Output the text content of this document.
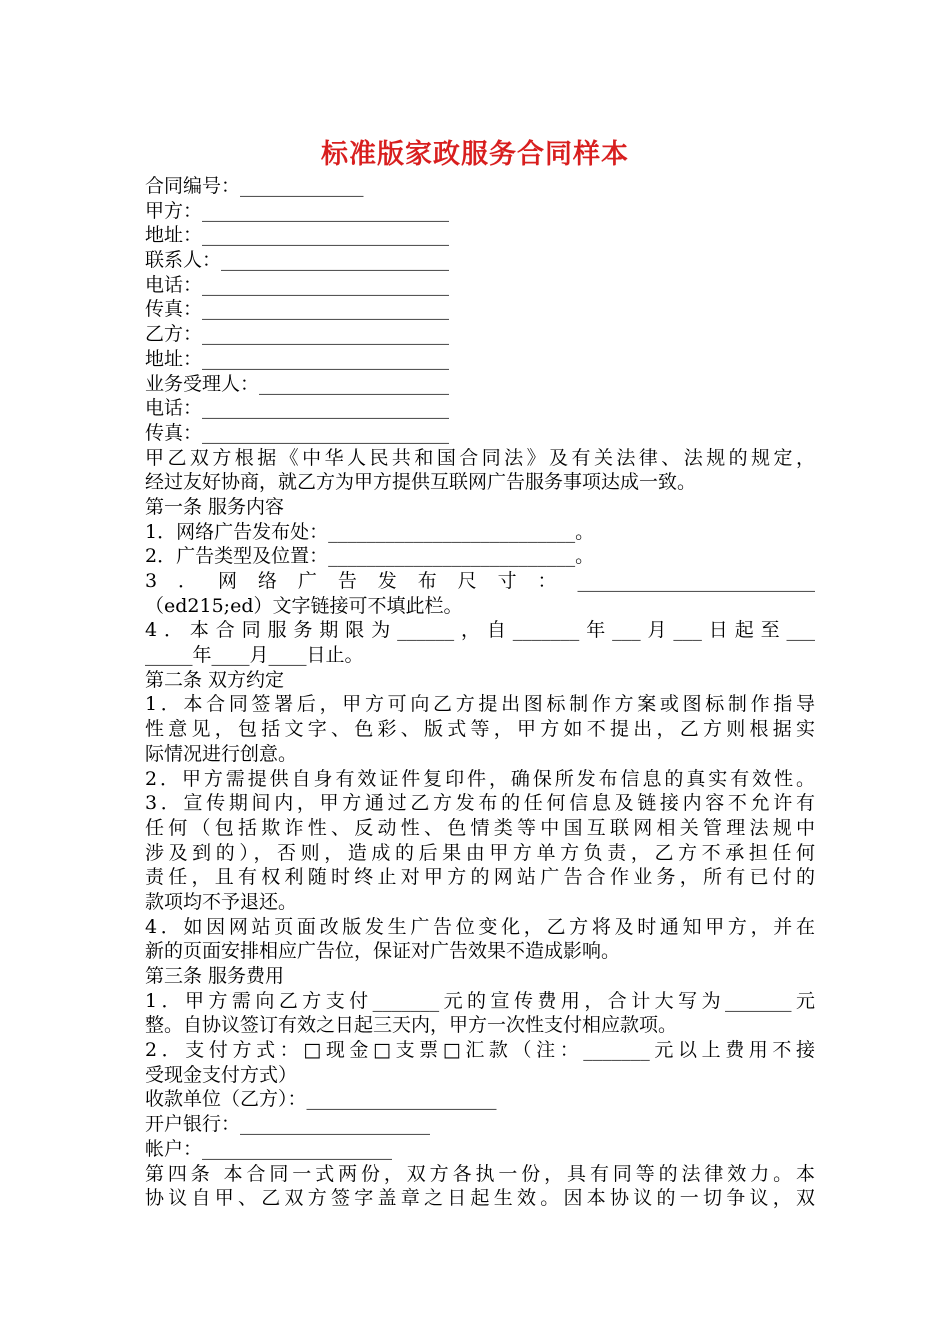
标准版家政服务合同样本
合同编号：_____________
甲方：__________________________
地址：__________________________
联系人：________________________
电话：__________________________
传真：__________________________
乙方：__________________________
地址：__________________________
业务受理人：____________________
电话：__________________________
传真：__________________________
甲乙双方根据《中华人民共和国合同法》及有关法律、法规的规定，
经过友好协商，就乙方为甲方提供互联网广告服务事项达成一致。
第一条 服务内容
1．网络广告发布处：__________________________。
2．广告类型及位置：__________________________。
3．网络广告发布尺寸：_________________________
（ed215;ed）文字链接可不填此栏。
4．本合同服务期限为______，自_______年___月___日起至___
_____年____月____日止。
第二条 双方约定
1．本合同签署后，甲方可向乙方提出图标制作方案或图标制作指导
性意见，包括文字、色彩、版式等，甲方如不提出，乙方则根据实
际情况进行创意。
2．甲方需提供自身有效证件复印件，确保所发布信息的真实有效性。
3．宣传期间内，甲方通过乙方发布的任何信息及链接内容不允许有
任何（包括欺诈性、反动性、色情类等中国互联网相关管理法规中
涉及到的），否则，造成的后果由甲方单方负责，乙方不承担任何
责任，且有权利随时终止对甲方的网站广告合作业务，所有已付的
款项均不予退还。
4．如因网站页面改版发生广告位变化，乙方将及时通知甲方，并在
新的页面安排相应广告位，保证对广告效果不造成影响。
第三条 服务费用
1．甲方需向乙方支付_______元的宣传费用，合计大写为_______元
整。自协议签订有效之日起三天内，甲方一次性支付相应款项。
2．支付方式：□现金□支票□汇款（注：_______元以上费用不接
受现金支付方式）
收款单位（乙方）：____________________
开户银行：____________________
帐户：____________________
第四条 本合同一式两份，双方各执一份，具有同等的法律效力。本
协议自甲、乙双方签字盖章之日起生效。因本协议的一切争议，双
